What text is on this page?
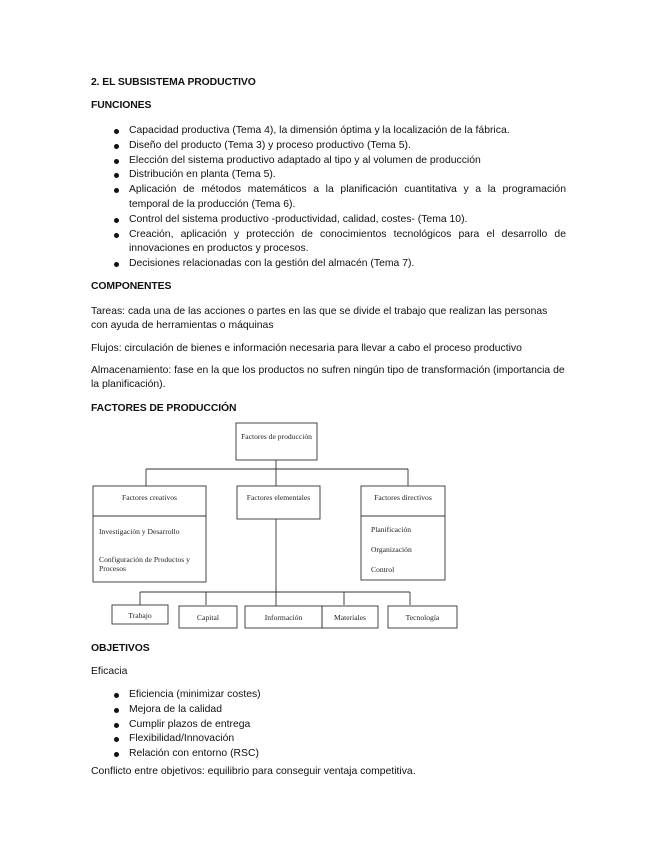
2. EL SUBSISTEMA PRODUCTIVO
FUNCIONES
Capacidad productiva (Tema 4), la dimensión óptima y la localización de la fábrica.
Diseño del producto (Tema 3) y proceso productivo (Tema 5).
Elección del sistema productivo adaptado al tipo y al volumen de producción
Distribución en planta (Tema 5).
Aplicación de métodos matemáticos a la planificación cuantitativa y a la programación temporal de la producción (Tema 6).
Control del sistema productivo -productividad, calidad, costes- (Tema 10).
Creación, aplicación y protección de conocimientos tecnológicos para el desarrollo de innovaciones en productos y procesos.
Decisiones relacionadas con la gestión del almacén (Tema 7).
COMPONENTES
Tareas: cada una de las acciones o partes en las que se divide el trabajo que realizan las personas con ayuda de herramientas o máquinas
Flujos: circulación de bienes e información necesaria para llevar a cabo el proceso productivo
Almacenamiento: fase en la que los productos no sufren ningún tipo de transformación (importancia de la planificación).
FACTORES DE PRODUCCIÓN
Factores de producción
Factores creativos
Investigación y Desarrollo
Configuración de Productos y Procesos
Factores elementales	Factores directivos
Planificación
Organización
Control
Trabajo	Capital	Información	Materiales	Tecnología
OBJETIVOS
Eficacia
Eficiencia (minimizar costes)
Mejora de la calidad
Cumplir plazos de entrega
Flexibilidad/Innovación
Relación con entorno (RSC)
Conflicto entre objetivos: equilibrio para conseguir ventaja competitiva.
